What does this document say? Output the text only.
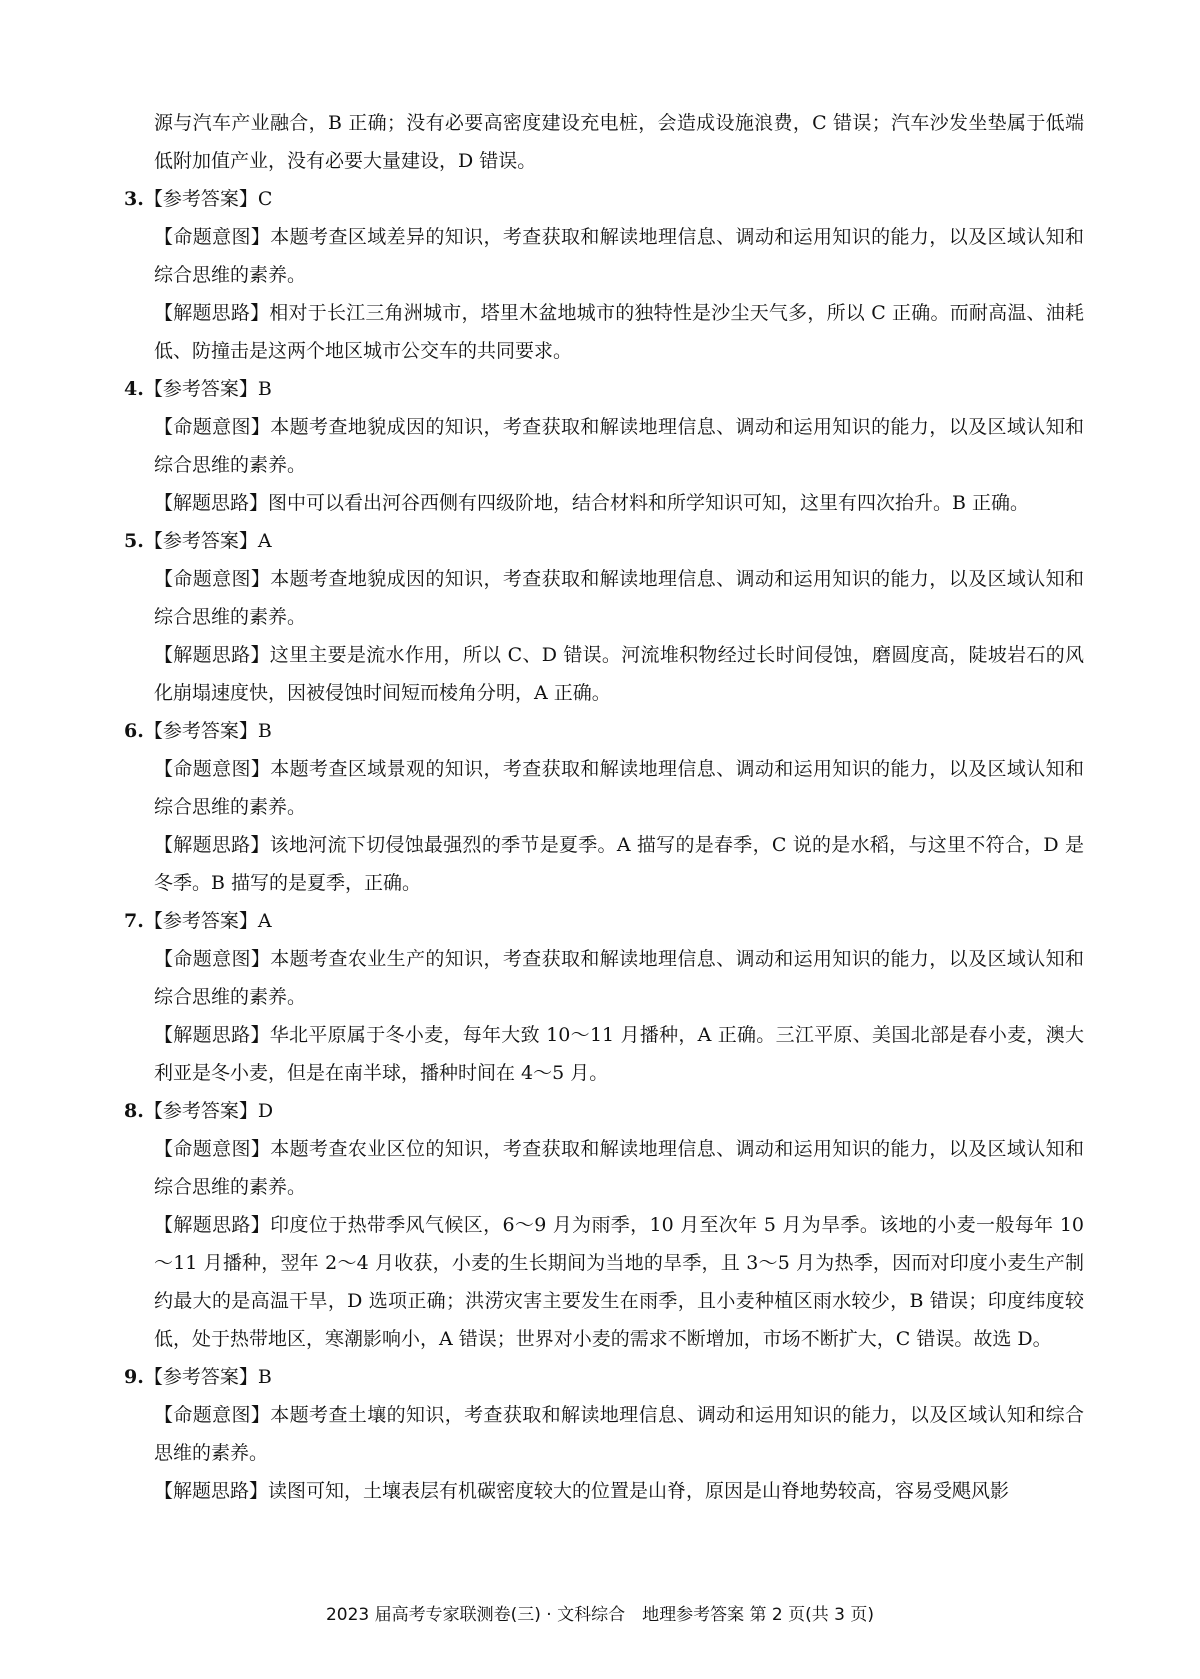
源与汽车产业融合，B 正确；没有必要高密度建设充电桩，会造成设施浪费，C 错误；汽车沙发坐垫属于低端低附加值产业，没有必要大量建设，D 错误。

3.【参考答案】C

【命题意图】本题考查区域差异的知识，考查获取和解读地理信息、调动和运用知识的能力，以及区域认知和综合思维的素养。

【解题思路】相对于长江三角洲城市，塔里木盆地城市的独特性是沙尘天气多，所以 C 正确。而耐高温、油耗低、防撞击是这两个地区城市公交车的共同要求。

4.【参考答案】B

【命题意图】本题考查地貌成因的知识，考查获取和解读地理信息、调动和运用知识的能力，以及区域认知和综合思维的素养。

【解题思路】图中可以看出河谷西侧有四级阶地，结合材料和所学知识可知，这里有四次抬升。B 正确。

5.【参考答案】A

【命题意图】本题考查地貌成因的知识，考查获取和解读地理信息、调动和运用知识的能力，以及区域认知和综合思维的素养。

【解题思路】这里主要是流水作用，所以 C、D 错误。河流堆积物经过长时间侵蚀，磨圆度高，陡坡岩石的风化崩塌速度快，因被侵蚀时间短而棱角分明，A 正确。

6.【参考答案】B

【命题意图】本题考查区域景观的知识，考查获取和解读地理信息、调动和运用知识的能力，以及区域认知和综合思维的素养。

【解题思路】该地河流下切侵蚀最强烈的季节是夏季。A 描写的是春季，C 说的是水稻，与这里不符合，D 是冬季。B 描写的是夏季，正确。

7.【参考答案】A

【命题意图】本题考查农业生产的知识，考查获取和解读地理信息、调动和运用知识的能力，以及区域认知和综合思维的素养。

【解题思路】华北平原属于冬小麦，每年大致 10～11 月播种，A 正确。三江平原、美国北部是春小麦，澳大利亚是冬小麦，但是在南半球，播种时间在 4～5 月。

8.【参考答案】D

【命题意图】本题考查农业区位的知识，考查获取和解读地理信息、调动和运用知识的能力，以及区域认知和综合思维的素养。

【解题思路】印度位于热带季风气候区，6～9 月为雨季，10 月至次年 5 月为旱季。该地的小麦一般每年 10～11 月播种，翌年 2～4 月收获，小麦的生长期间为当地的旱季，且 3～5 月为热季，因而对印度小麦生产制约最大的是高温干旱，D 选项正确；洪涝灾害主要发生在雨季，且小麦种植区雨水较少，B 错误；印度纬度较低，处于热带地区，寒潮影响小，A 错误；世界对小麦的需求不断增加，市场不断扩大，C 错误。故选 D。

9.【参考答案】B

【命题意图】本题考查土壤的知识，考查获取和解读地理信息、调动和运用知识的能力，以及区域认知和综合思维的素养。

【解题思路】读图可知，土壤表层有机碳密度较大的位置是山脊，原因是山脊地势较高，容易受飓风影

2023 届高考专家联测卷(三) · 文科综合　地理参考答案 第 2 页(共 3 页)
